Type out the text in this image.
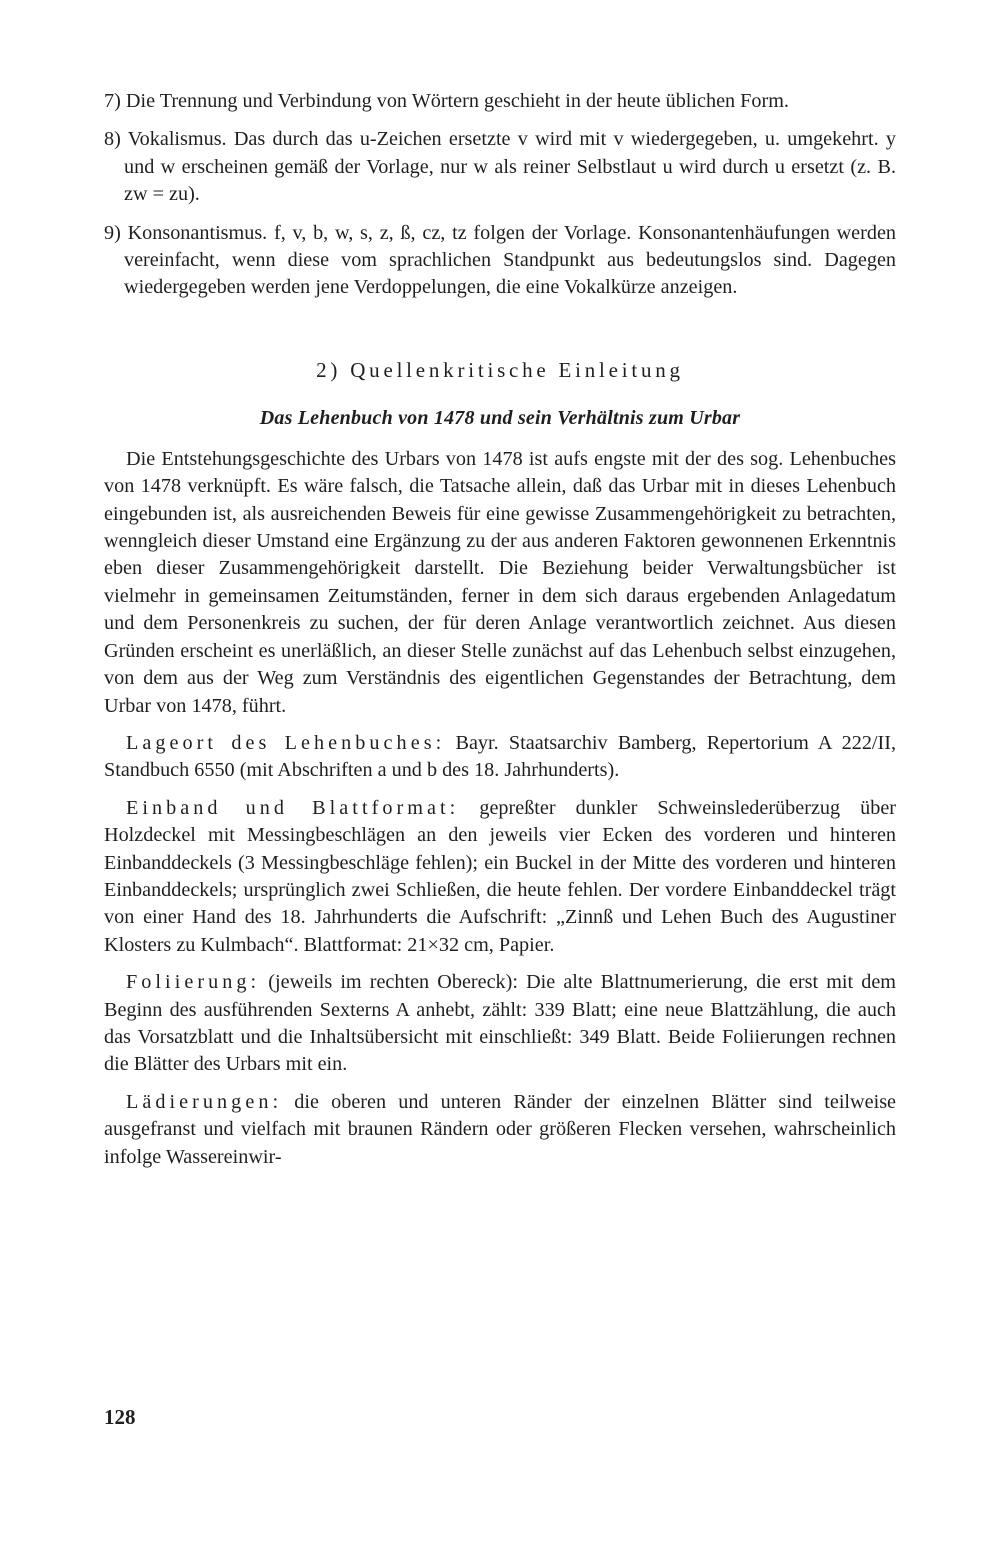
7) Die Trennung und Verbindung von Wörtern geschieht in der heute üblichen Form.

8) Vokalismus. Das durch das u-Zeichen ersetzte v wird mit v wiedergegeben, u. umgekehrt. y und w erscheinen gemäß der Vorlage, nur w als reiner Selbstlaut u wird durch u ersetzt (z. B. zw = zu).

9) Konsonantismus. f, v, b, w, s, z, ß, cz, tz folgen der Vorlage. Konsonantenhäufungen werden vereinfacht, wenn diese vom sprachlichen Standpunkt aus bedeutungslos sind. Dagegen wiedergegeben werden jene Verdoppelungen, die eine Vokalkürze anzeigen.

2) Quellenkritische Einleitung
Das Lehenbuch von 1478 und sein Verhältnis zum Urbar

Die Entstehungsgeschichte des Urbars von 1478 ist aufs engste mit der des sog. Lehenbuches von 1478 verknüpft. Es wäre falsch, die Tatsache allein, daß das Urbar mit in dieses Lehenbuch eingebunden ist, als ausreichenden Beweis für eine gewisse Zusammengehörigkeit zu betrachten, wenngleich dieser Umstand eine Ergänzung zu der aus anderen Faktoren gewonnenen Erkenntnis eben dieser Zusammengehörigkeit darstellt. Die Beziehung beider Verwaltungsbücher ist vielmehr in gemeinsamen Zeitumständen, ferner in dem sich daraus ergebenden Anlagedatum und dem Personenkreis zu suchen, der für deren Anlage verantwortlich zeichnet. Aus diesen Gründen erscheint es unerläßlich, an dieser Stelle zunächst auf das Lehenbuch selbst einzugehen, von dem aus der Weg zum Verständnis des eigentlichen Gegenstandes der Betrachtung, dem Urbar von 1478, führt.

Lageort des Lehenbuches: Bayr. Staatsarchiv Bamberg, Repertorium A 222/II, Standbuch 6550 (mit Abschriften a und b des 18. Jahrhunderts).

Einband und Blattformat: gepreßter dunkler Schweinslederüberzug über Holzdeckel mit Messingbeschlägen an den jeweils vier Ecken des vorderen und hinteren Einbanddeckels (3 Messingbeschläge fehlen); ein Buckel in der Mitte des vorderen und hinteren Einbanddeckels; ursprünglich zwei Schließen, die heute fehlen. Der vordere Einbanddeckel trägt von einer Hand des 18. Jahrhunderts die Aufschrift: „Zinnß und Lehen Buch des Augustiner Klosters zu Kulmbach“. Blattformat: 21×32 cm, Papier.

Foliierung: (jeweils im rechten Obereck): Die alte Blattnumerierung, die erst mit dem Beginn des ausführenden Sexterns A anhebt, zählt: 339 Blatt; eine neue Blattzählung, die auch das Vorsatzblatt und die Inhaltsübersicht mit einschließt: 349 Blatt. Beide Foliierungen rechnen die Blätter des Urbars mit ein.

Lädierungen: die oberen und unteren Ränder der einzelnen Blätter sind teilweise ausgefranst und vielfach mit braunen Rändern oder größeren Flecken versehen, wahrscheinlich infolge Wassereinwir-

128
